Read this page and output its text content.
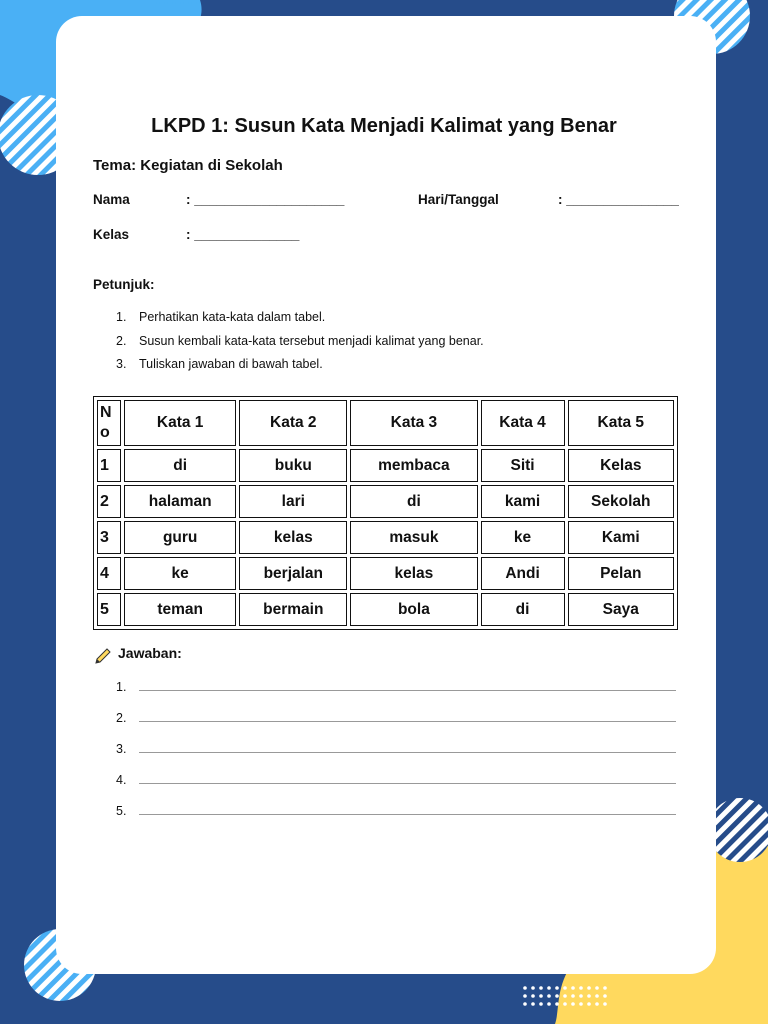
LKPD 1: Susun Kata Menjadi Kalimat yang Benar
Tema: Kegiatan di Sekolah
Nama	: ____________________	Hari/Tanggal	: _______________
Kelas	: ______________
Petunjuk:
1. Perhatikan kata-kata dalam tabel.
2. Susun kembali kata-kata tersebut menjadi kalimat yang benar.
3. Tuliskan jawaban di bawah tabel.
N
o	Kata 1	Kata 2	Kata 3	Kata 4	Kata 5
1	di	buku	membaca	Siti	Kelas
2	halaman	lari	di	kami	Sekolah
3	guru	kelas	masuk	ke	Kami
4	ke	berjalan	kelas	Andi	Pelan
5	teman	bermain	bola	di	Saya
Jawaban:
1.
2.
3.
4.
5.
